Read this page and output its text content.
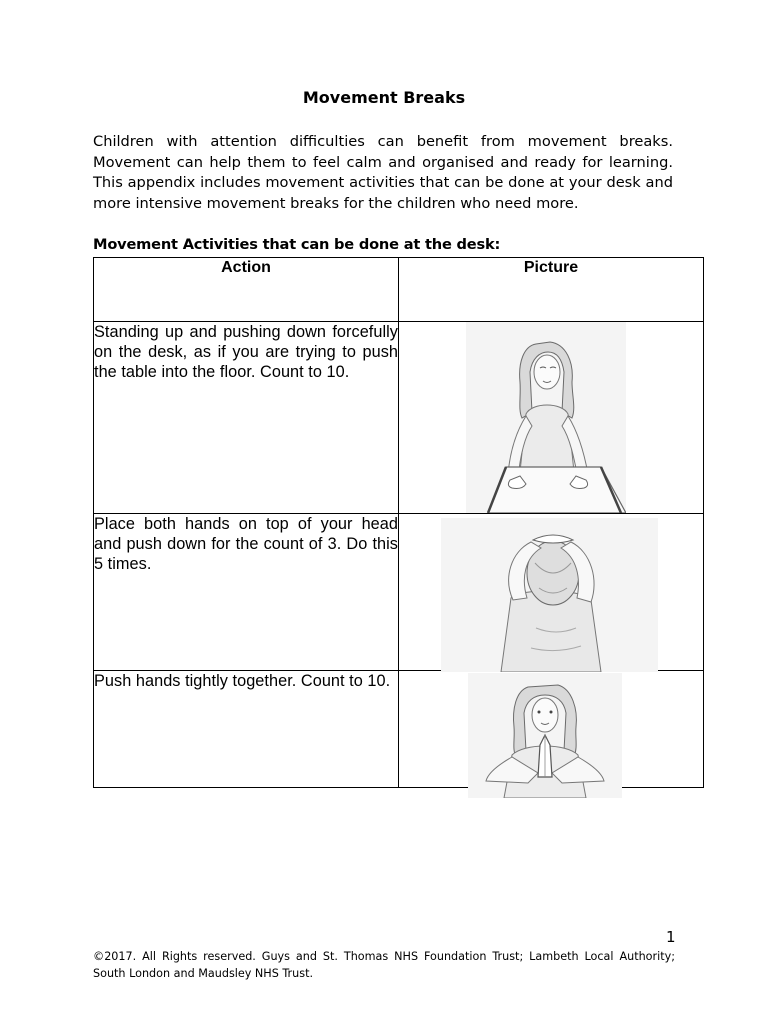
Movement Breaks

Children with attention difficulties can benefit from movement breaks. Movement can help them to feel calm and organised and ready for learning. This appendix includes movement activities that can be done at your desk and more intensive movement breaks for the children who need more.

Movement Activities that can be done at the desk:

Action	Picture
Standing up and pushing down forcefully on the desk, as if you are trying to push the table into the floor. Count to 10.	

Place both hands on top of your head and push down for the count of 3. Do this 5 times.	

Push hands tightly together. Count to 10.	
1

©2017. All Rights reserved. Guys and St. Thomas NHS Foundation Trust; Lambeth Local Authority; South London and Maudsley NHS Trust.
